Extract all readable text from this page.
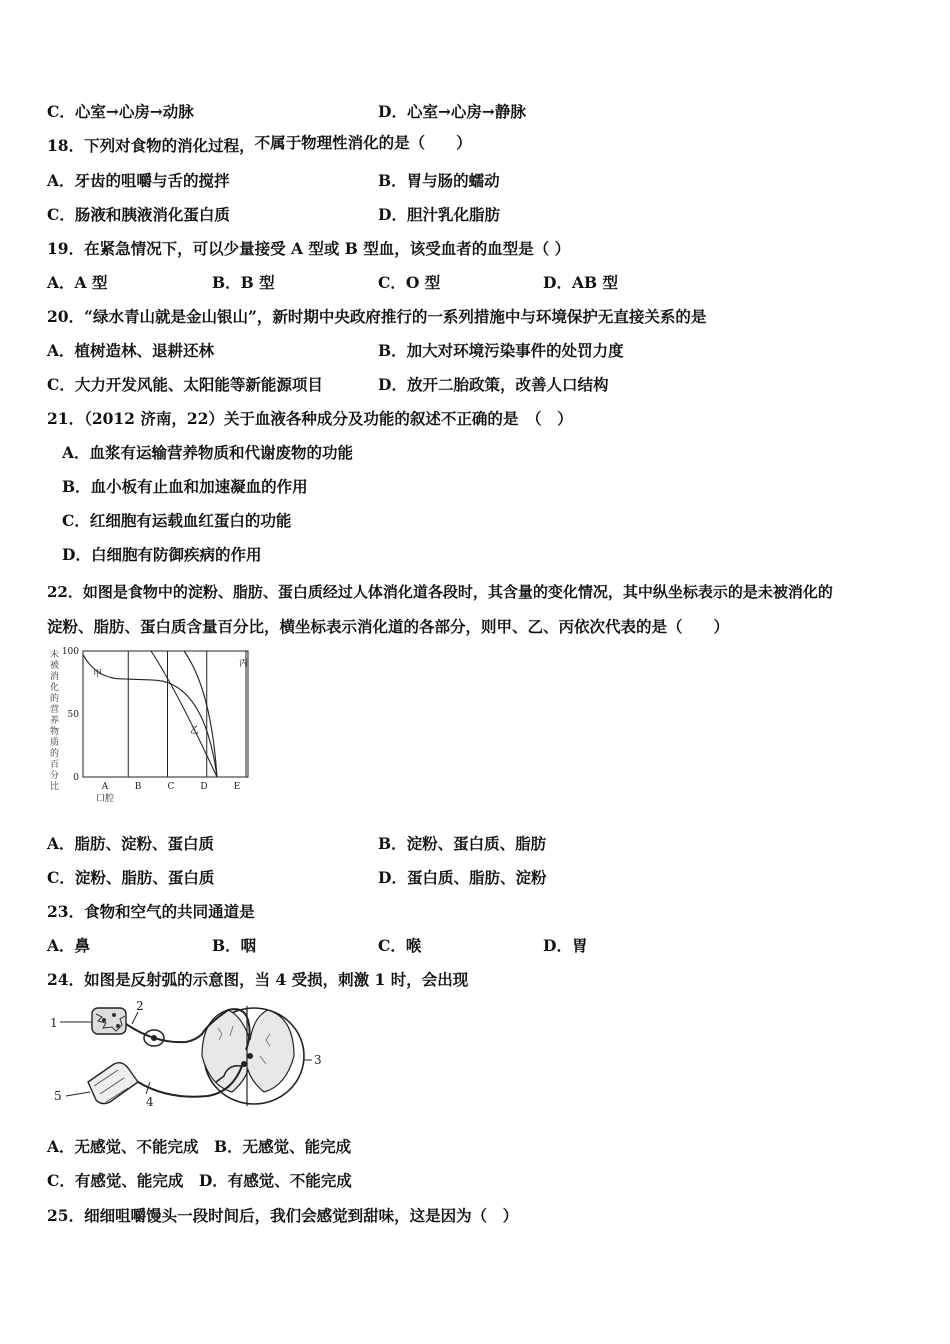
C．心室→心房→动脉	D．心室→心房→静脉
18．下列对食物的消化过程，不属于物理性消化的是（　　）
A．牙齿的咀嚼与舌的搅拌	B．胃与肠的蠕动
C．肠液和胰液消化蛋白质	D．胆汁乳化脂肪
19．在紧急情况下，可以少量接受 A 型或 B 型血，该受血者的血型是（ ）
A．A 型	B．B 型	C．O 型	D．AB 型
20．“绿水青山就是金山银山”，新时期中央政府推行的一系列措施中与环境保护无直接关系的是
A．植树造林、退耕还林	B．加大对环境污染事件的处罚力度
C．大力开发风能、太阳能等新能源项目	D．放开二胎政策，改善人口结构
21．（2012 济南，22）关于血液各种成分及功能的叙述不正确的是　（　）
A．血浆有运输营养物质和代谢废物的功能
B．血小板有止血和加速凝血的作用
C．红细胞有运载血红蛋白的功能
D．白细胞有防御疾病的作用
22．如图是食物中的淀粉、脂肪、蛋白质经过人体消化道各段时，其含量的变化情况，其中纵坐标表示的是未被消化的
淀粉、脂肪、蛋白质含量百分比，横坐标表示消化道的各部分，则甲、乙、丙依次代表的是（　　）
未被消化的营养物质的百分比
100
50
0
A	B	C	D	E
口腔
甲
乙
丙
A．脂肪、淀粉、蛋白质	B．淀粉、蛋白质、脂肪
C．淀粉、脂肪、蛋白质	D．蛋白质、脂肪、淀粉
23．食物和空气的共同通道是
A．鼻	B．咽	C．喉	D．胃
24．如图是反射弧的示意图，当 4 受损，刺激 1 时，会出现
1
2
3
4
5
A．无感觉、不能完成　B．无感觉、能完成
C．有感觉、能完成　D．有感觉、不能完成
25．细细咀嚼馒头一段时间后，我们会感觉到甜味，这是因为（　）
